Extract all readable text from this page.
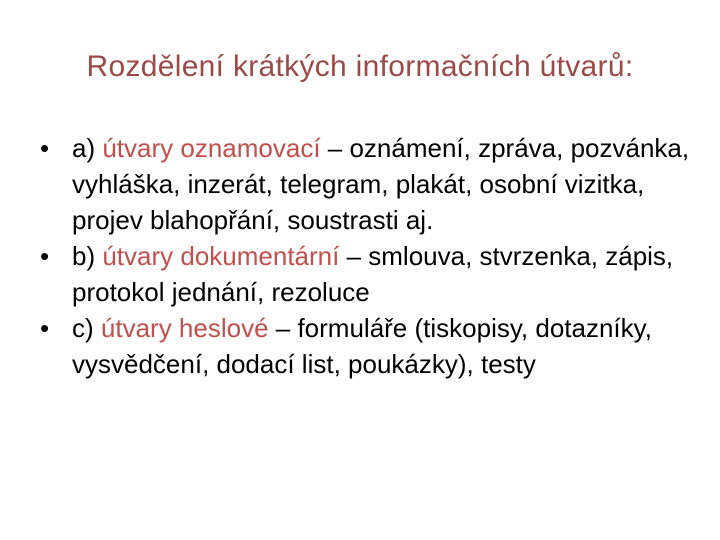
Rozdělení krátkých informačních útvarů:
• a) útvary oznamovací – oznámení, zpráva, pozvánka, vyhláška, inzerát, telegram, plakát, osobní vizitka, projev blahopřání, soustrasti aj.
• b) útvary dokumentární – smlouva, stvrzenka, zápis, protokol jednání, rezoluce
• c) útvary heslové – formuláře (tiskopisy, dotazníky, vysvědčení, dodací list, poukázky), testy
